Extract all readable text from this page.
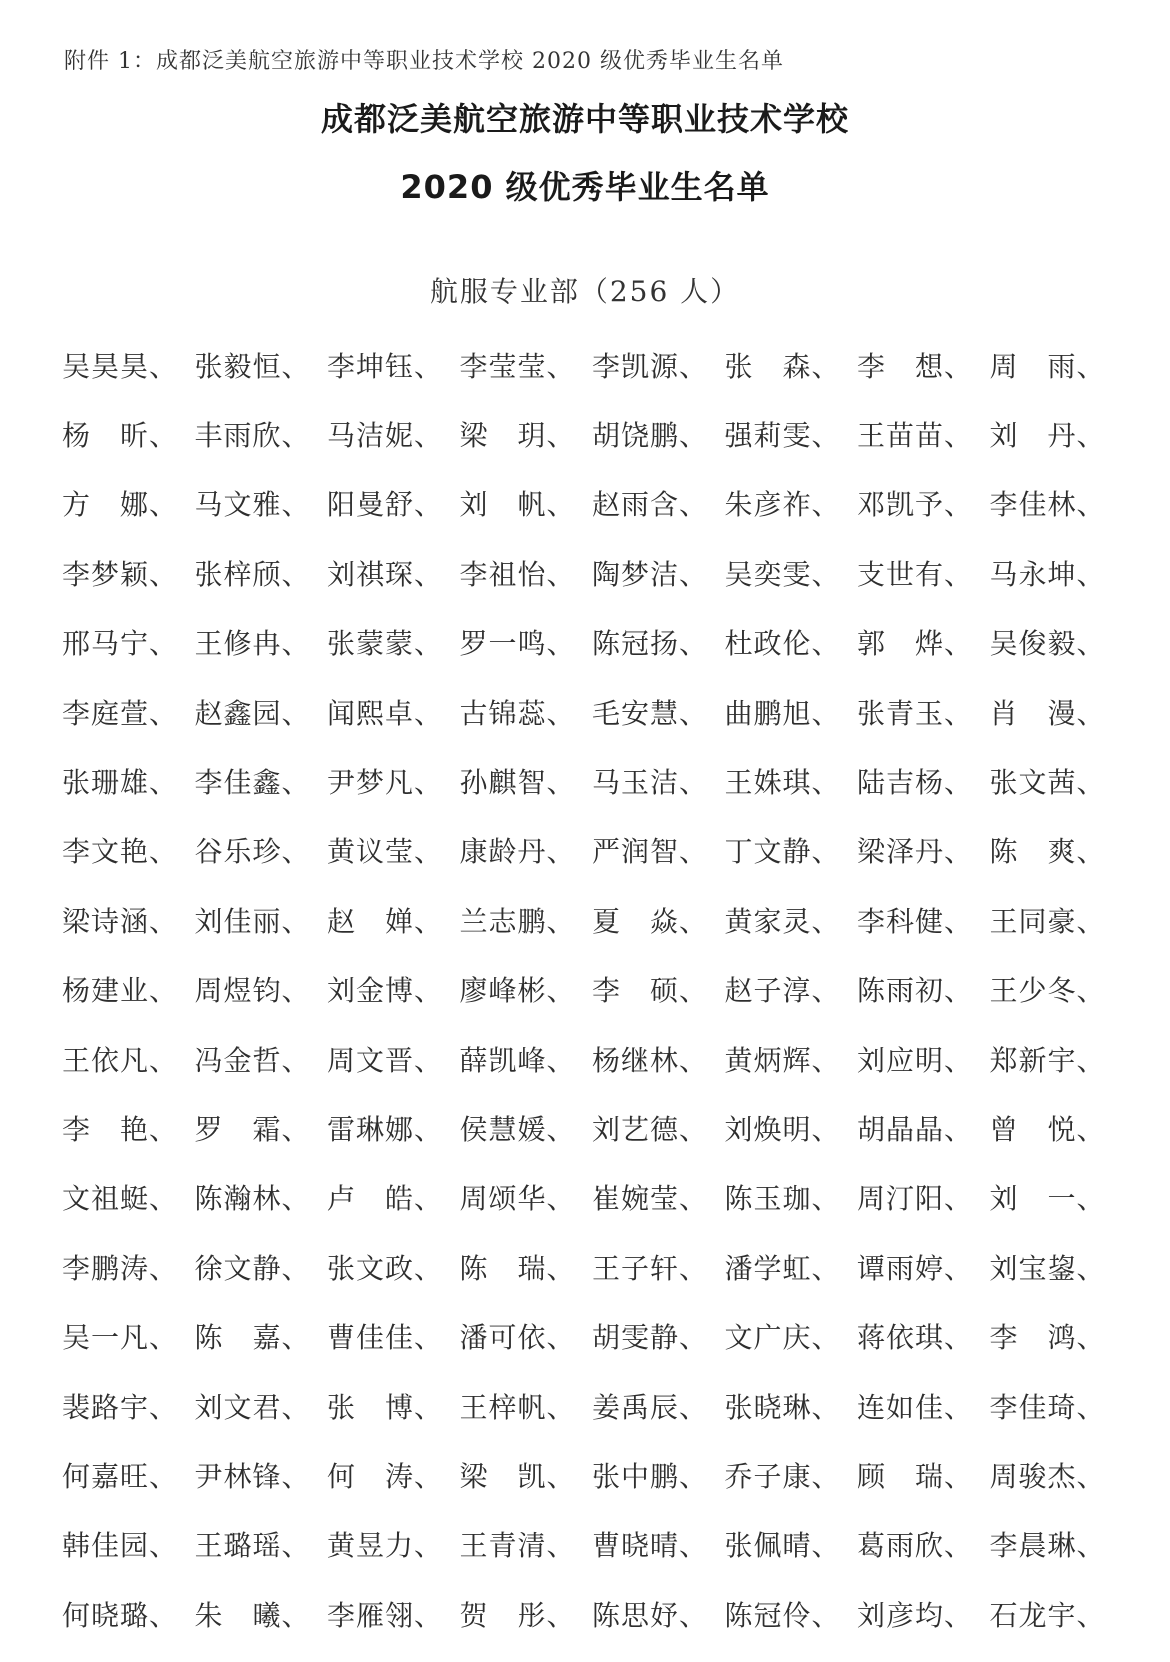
附件 1：成都泛美航空旅游中等职业技术学校 2020 级优秀毕业生名单
成都泛美航空旅游中等职业技术学校
2020 级优秀毕业生名单
航服专业部（256 人）
吴昊昊、 张毅恒、 李坤钰、 李莹莹、 李凯源、 张　森、 李　想、 周　雨、
杨　昕、 丰雨欣、 马洁妮、 梁　玥、 胡饶鹏、 强莉雯、 王苗苗、 刘　丹、
方　娜、 马文雅、 阳曼舒、 刘　帆、 赵雨含、 朱彦祚、 邓凯予、 李佳林、
李梦颖、 张梓颀、 刘祺琛、 李祖怡、 陶梦洁、 吴奕雯、 支世有、 马永坤、
邢马宁、 王修冉、 张蒙蒙、 罗一鸣、 陈冠扬、 杜政伦、 郭　烨、 吴俊毅、
李庭萱、 赵鑫园、 闻熙卓、 古锦蕊、 毛安慧、 曲鹏旭、 张青玉、 肖　漫、
张珊雄、 李佳鑫、 尹梦凡、 孙麒智、 马玉洁、 王姝琪、 陆吉杨、 张文茜、
李文艳、 谷乐珍、 黄议莹、 康龄丹、 严润智、 丁文静、 梁泽丹、 陈　爽、
梁诗涵、 刘佳丽、 赵　婵、 兰志鹏、 夏　焱、 黄家灵、 李科健、 王同豪、
杨建业、 周煜钧、 刘金博、 廖峰彬、 李　硕、 赵子淳、 陈雨初、 王少冬、
王依凡、 冯金哲、 周文晋、 薛凯峰、 杨继林、 黄炳辉、 刘应明、 郑新宇、
李　艳、 罗　霜、 雷琳娜、 侯慧媛、 刘艺德、 刘焕明、 胡晶晶、 曾　悦、
文祖蜓、 陈瀚林、 卢　皓、 周颂华、 崔婉莹、 陈玉珈、 周汀阳、 刘　一、
李鹏涛、 徐文静、 张文政、 陈　瑞、 王子轩、 潘学虹、 谭雨婷、 刘宝鋆、
吴一凡、 陈　嘉、 曹佳佳、 潘可依、 胡雯静、 文广庆、 蒋依琪、 李　鸿、
裴路宇、 刘文君、 张　博、 王梓帆、 姜禹辰、 张晓琳、 连如佳、 李佳琦、
何嘉旺、 尹林锋、 何　涛、 梁　凯、 张中鹏、 乔子康、 顾　瑞、 周骏杰、
韩佳园、 王璐瑶、 黄昱力、 王青清、 曹晓晴、 张佩晴、 葛雨欣、 李晨琳、
何晓璐、 朱　曦、 李雁翎、 贺　彤、 陈思妤、 陈冠伶、 刘彦均、 石龙宇、
